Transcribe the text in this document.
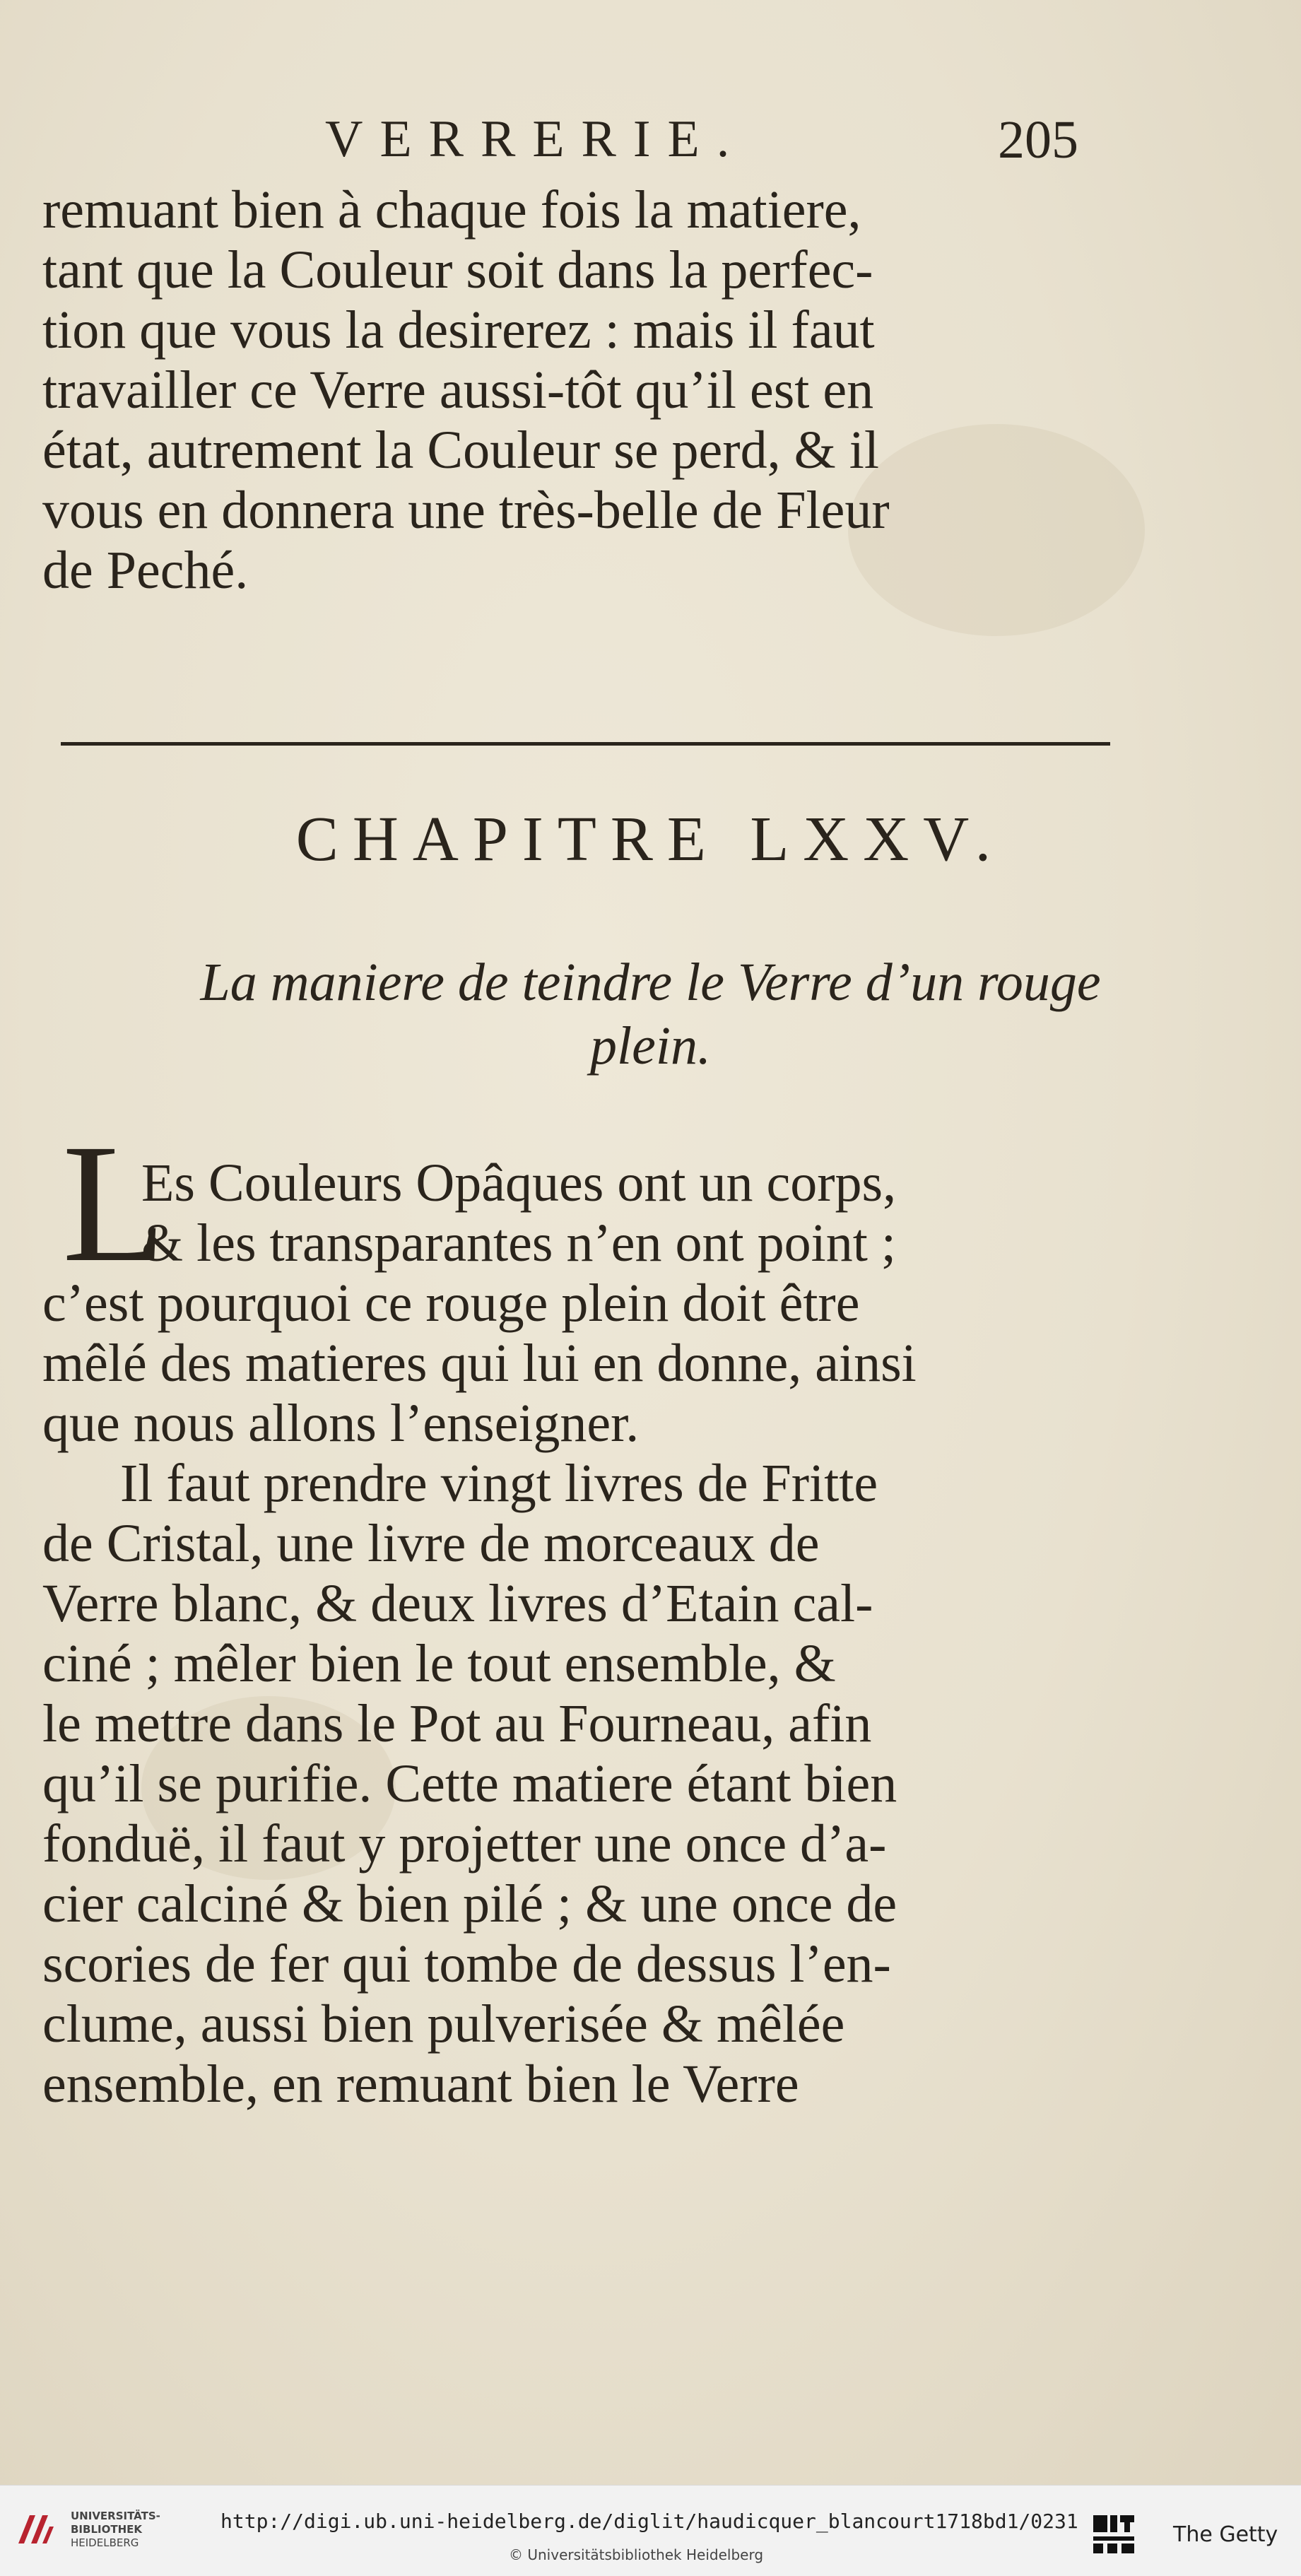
VERRERIE.	205
remuant bien à chaque fois la matiere,
tant que la Couleur soit dans la perfec-
tion que vous la desirerez : mais il faut
travailler ce Verre aussi-tôt qu’il est en
état, autrement la Couleur se perd, & il
vous en donnera une très-belle de Fleur
de Peché.
CHAPITRE LXXV.
La maniere de teindre le Verre d’un rouge
plein.
L
Es Couleurs Opâques ont un corps,
& les transparantes n’en ont point ;
c’est pourquoi ce rouge plein doit être
mêlé des matieres qui lui en donne, ainsi
que nous allons l’enseigner.
Il faut prendre vingt livres de Fritte
de Cristal, une livre de morceaux de
Verre blanc, & deux livres d’Etain cal-
ciné ; mêler bien le tout ensemble, &
le mettre dans le Pot au Fourneau, afin
qu’il se purifie. Cette matiere étant bien
fonduë, il faut y projetter une once d’a-
cier calciné & bien pilé ; & une once de
scories de fer qui tombe de dessus l’en-
clume, aussi bien pulverisée & mêlée
ensemble, en remuant bien le Verre
UNIVERSITÄTS-
BIBLIOTHEK
HEIDELBERG
http://digi.ub.uni-heidelberg.de/diglit/haudicquer_blancourt1718bd1/0231
© Universitätsbibliothek Heidelberg
The Getty
